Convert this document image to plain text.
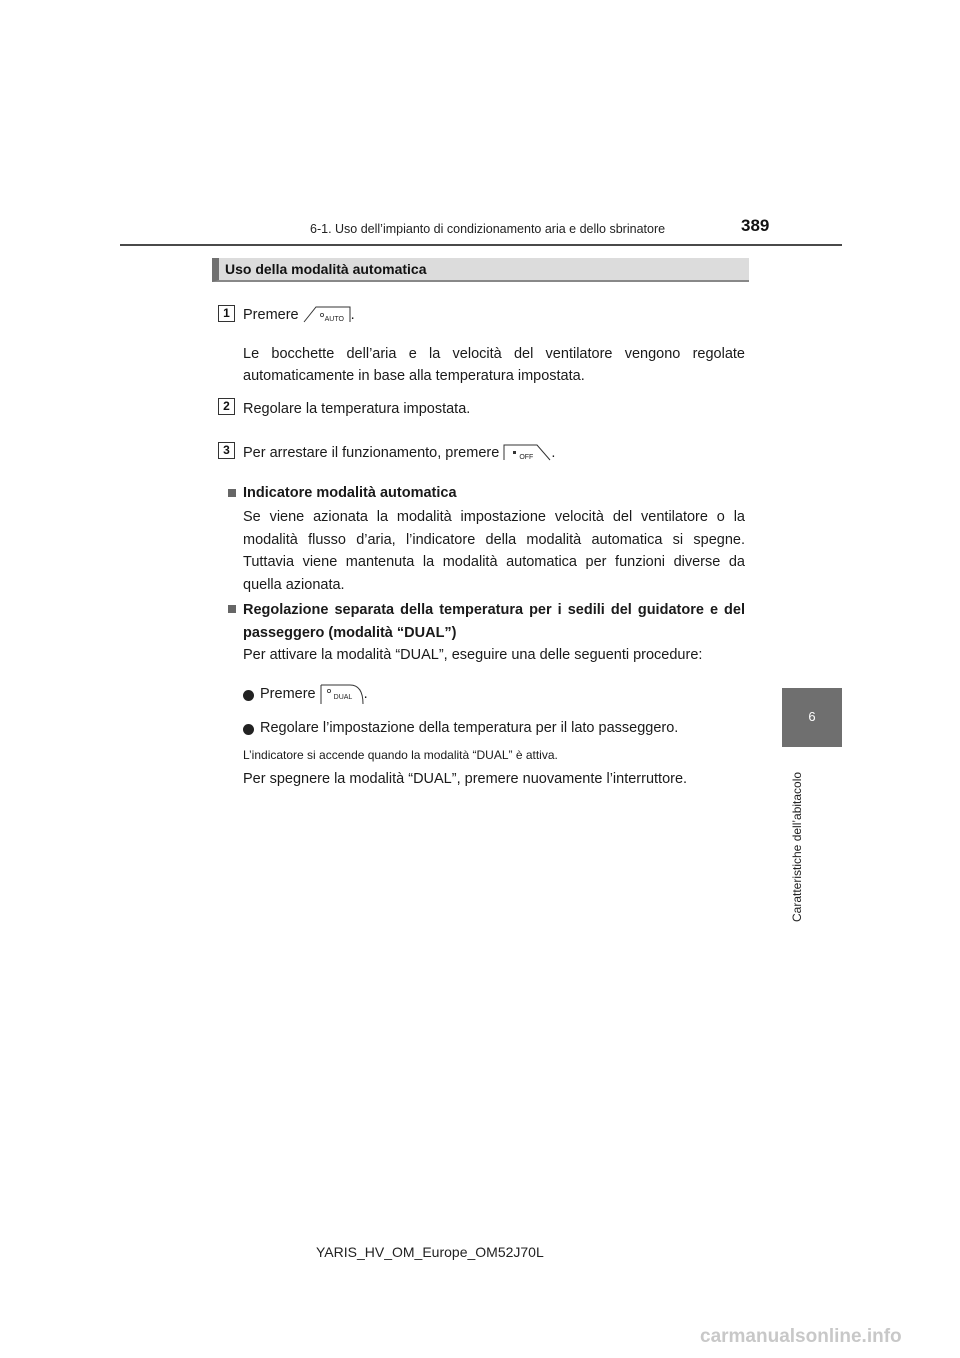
6-1. Uso dell’impianto di condizionamento aria e dello sbrinatore	389
Uso della modalità automatica
1 Premere	AUTO .
Le bocchette dell’aria e la velocità del ventilatore vengono regolate automaticamente in base alla temperatura impostata.
2 Regolare la temperatura impostata.
3 Per arrestare il funzionamento, premere	OFF .
Indicatore modalità automatica
Se viene azionata la modalità impostazione velocità del ventilatore o la modalità flusso d’aria, l’indicatore della modalità automatica si spegne. Tuttavia viene mantenuta la modalità automatica per funzioni diverse da quella azionata.
Regolazione separata della temperatura per i sedili del guidatore e del passeggero (modalità “DUAL”)
Per attivare la modalità “DUAL”, eseguire una delle seguenti procedure:
Premere	DUAL .
Regolare l’impostazione della temperatura per il lato passeggero.
L’indicatore si accende quando la modalità “DUAL” è attiva.
Per spegnere la modalità “DUAL”, premere nuovamente l’interruttore.
6
Caratteristiche dell’abitacolo
YARIS_HV_OM_Europe_OM52J70L
carmanualsonline.info
